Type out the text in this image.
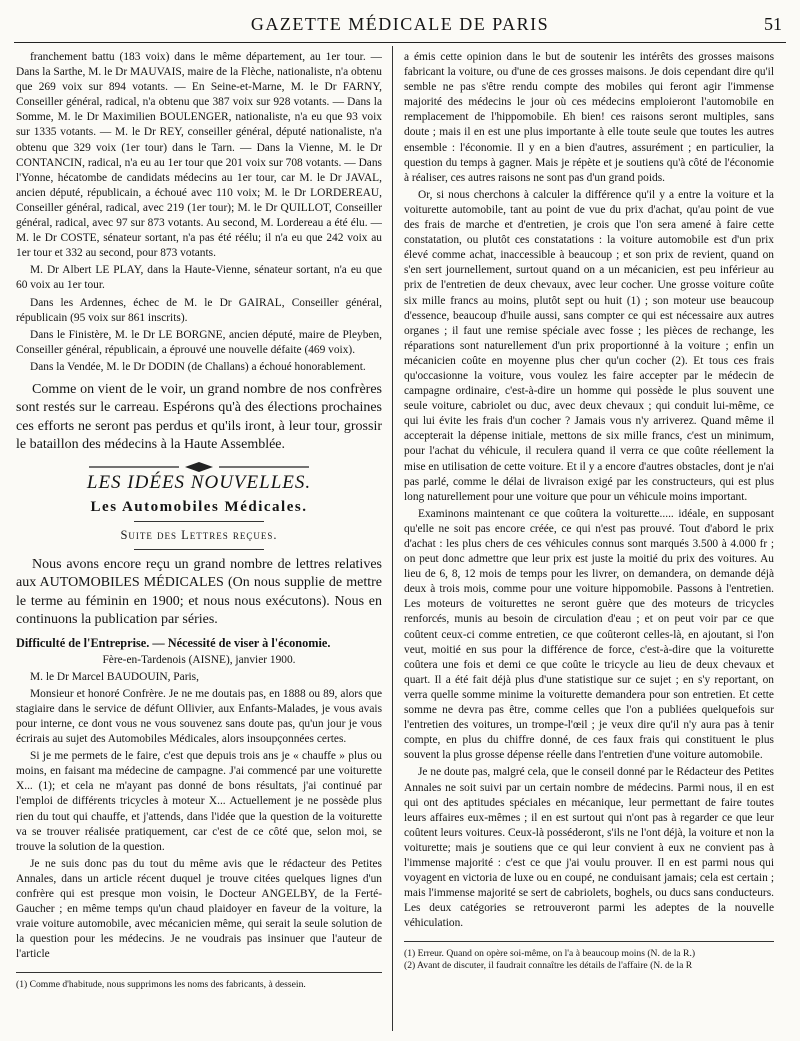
GAZETTE MÉDICALE DE PARIS	51

franchement battu (183 voix) dans le même département, au 1er tour. — Dans la Sarthe, M. le Dr MAUVAIS, maire de la Flèche, nationaliste, n'a obtenu que 269 voix sur 894 votants. — En Seine-et-Marne, M. le Dr FARNY, Conseiller général, radical, n'a obtenu que 387 voix sur 928 votants. — Dans la Somme, M. le Dr Maximilien BOULENGER, nationaliste, n'a eu que 93 voix sur 1335 votants. — M. le Dr REY, conseiller général, député nationaliste, n'a obtenu que 329 voix (1er tour) dans le Tarn. — Dans la Vienne, M. le Dr CONTANCIN, radical, n'a eu au 1er tour que 201 voix sur 708 votants. — Dans l'Yonne, hécatombe de candidats médecins au 1er tour, car M. le Dr JAVAL, ancien député, républicain, a échoué avec 110 voix; M. le Dr LORDEREAU, Conseiller général, radical, avec 219 (1er tour); M. le Dr QUILLOT, Conseiller général, radical, avec 97 sur 873 votants. Au second, M. Lordereau a été élu. — M. le Dr COSTE, sénateur sortant, n'a pas été réélu; il n'a eu que 242 voix au 1er tour et 332 au second, pour 873 votants.

M. Dr Albert LE PLAY, dans la Haute-Vienne, sénateur sortant, n'a eu que 60 voix au 1er tour.

Dans les Ardennes, échec de M. le Dr GAIRAL, Conseiller général, républicain (95 voix sur 861 inscrits).

Dans le Finistère, M. le Dr LE BORGNE, ancien député, maire de Pleyben, Conseiller général, républicain, a éprouvé une nouvelle défaite (469 voix).

Dans la Vendée, M. le Dr DODIN (de Challans) a échoué honorablement.

Comme on vient de le voir, un grand nombre de nos confrères sont restés sur le carreau. Espérons qu'à des élections prochaines ces efforts ne seront pas perdus et qu'ils iront, à leur tour, grossir le bataillon des médecins à la Haute Assemblée.

LES IDÉES NOUVELLES.
Les Automobiles Médicales.
Suite des Lettres reçues.

Nous avons encore reçu un grand nombre de lettres relatives aux AUTOMOBILES MÉDICALES (On nous supplie de mettre le terme au féminin en 1900; et nous nous exécutons). Nous en continuons la publication par séries.

Difficulté de l'Entreprise. — Nécessité de viser à l'économie.
Fère-en-Tardenois (AISNE), janvier 1900.

M. le Dr Marcel BAUDOUIN, Paris,

Monsieur et honoré Confrère. Je ne me doutais pas, en 1888 ou 89, alors que stagiaire dans le service de défunt Ollivier, aux Enfants-Malades, je vous avais pour interne, ce dont vous ne vous souvenez sans doute pas, qu'un jour je vous écrirais au sujet des Automobiles Médicales, alors insoupçonnées certes.

Si je me permets de le faire, c'est que depuis trois ans je « chauffe » plus ou moins, en faisant ma médecine de campagne. J'ai commencé par une voiturette X... (1); et cela ne m'ayant pas donné de bons résultats, j'ai continué par l'emploi de différents tricycles à moteur X... Actuellement je ne possède plus rien du tout qui chauffe, et j'attends, dans l'idée que la question de la voiturette va se trouver réalisée pratiquement, car c'est de ce côté que, selon moi, se trouve la solution de la question.

Je ne suis donc pas du tout du même avis que le rédacteur des Petites Annales, dans un article récent duquel je trouve citées quelques lignes d'un confrère qui est presque mon voisin, le Docteur ANGELBY, de la Ferté-Gaucher ; en même temps qu'un chaud plaidoyer en faveur de la voiture, la vraie voiture automobile, avec mécanicien même, qui serait la seule solution de la question pour les médecins. Je ne voudrais pas insinuer que l'auteur de l'article

(1) Comme d'habitude, nous supprimons les noms des fabricants, à dessein.

a émis cette opinion dans le but de soutenir les intérêts des grosses maisons fabricant la voiture, ou d'une de ces grosses maisons. Je dois cependant dire qu'il semble ne pas s'être rendu compte des mobiles qui feront agir l'immense majorité des médecins le jour où ces médecins emploieront l'automobile en remplacement de l'hippomobile. Eh bien! ces raisons seront multiples, sans doute ; mais il en est une plus importante à elle toute seule que toutes les autres ensemble : l'économie. Il y en a bien d'autres, assurément ; en particulier, la question du temps à gagner. Mais je répète et je soutiens qu'à côté de l'économie à réaliser, ces autres raisons ne sont pas d'un grand poids.

Or, si nous cherchons à calculer la différence qu'il y a entre la voiture et la voiturette automobile, tant au point de vue du prix d'achat, qu'au point de vue des frais de marche et d'entretien, je crois que l'on sera amené à faire cette constatation, ou plutôt ces constatations : la voiture automobile est d'un prix élevé comme achat, inaccessible à beaucoup ; et son prix de revient, quand on s'en sert journellement, surtout quand on a un mécanicien, est peu inférieur au prix de l'entretien de deux chevaux, avec leur cocher. Une grosse voiture coûte six mille francs au moins, plutôt sept ou huit (1) ; son moteur use beaucoup d'essence, beaucoup d'huile aussi, sans compter ce qui est nécessaire aux autres organes ; il faut une remise spéciale avec fosse ; les pièces de rechange, les réparations sont naturellement d'un prix proportionné à la voiture ; enfin un mécanicien coûte en moyenne plus cher qu'un cocher (2). Et tous ces frais qu'occasionne la voiture, vous voulez les faire accepter par le médecin de campagne ordinaire, c'est-à-dire un homme qui possède le plus souvent une seule voiture, cabriolet ou duc, avec deux chevaux ; qui conduit lui-même, ce qui lui évite les frais d'un cocher ? Jamais vous n'y arriverez. Quand même il accepterait la dépense initiale, mettons de six mille francs, c'est un minimum, pour l'achat du véhicule, il reculera quand il verra ce que coûte réellement la mise en utilisation de cette voiture. Et il y a encore d'autres obstacles, dont je n'ai pas parlé, comme le délai de livraison exigé par les constructeurs, qui est plus long naturellement pour une voiture que pour un véhicule moins important.

Examinons maintenant ce que coûtera la voiturette..... idéale, en supposant qu'elle ne soit pas encore créée, ce qui n'est pas prouvé. Tout d'abord le prix d'achat : les plus chers de ces véhicules connus sont marqués 3.500 à 4.000 fr ; on peut donc admettre que leur prix est juste la moitié du prix des voitures. Au lieu de 6, 8, 12 mois de temps pour les livrer, on demandera, on demande déjà deux à trois mois, comme pour une voiture hippomobile. Passons à l'entretien. Les moteurs de voiturettes ne seront guère que des moteurs de tricycles renforcés, munis au besoin de circulation d'eau ; et on peut voir par ce que coûtent ceux-ci comme entretien, ce que coûteront celles-là, en ajoutant, si l'on veut, moitié en sus pour la différence de force, c'est-à-dire que la voiturette coûtera une fois et demi ce que coûte le tricycle au lieu de deux chevaux et quart. Il a été fait déjà plus d'une statistique sur ce sujet ; en s'y reportant, on verra quelle somme minime la voiturette demandera pour son entretien. Et cette somme ne devra pas être, comme celles que l'on a publiées quelquefois sur l'entretien des voitures, un trompe-l'œil ; je veux dire qu'il n'y aura pas à tenir compte, en plus du chiffre donné, de ces faux frais qui constituent le plus souvent la plus grosse dépense réelle dans l'entretien d'une voiture automobile.

Je ne doute pas, malgré cela, que le conseil donné par le Rédacteur des Petites Annales ne soit suivi par un certain nombre de médecins. Parmi nous, il en est qui ont des aptitudes spéciales en mécanique, leur permettant de faire toutes leurs affaires eux-mêmes ; il en est surtout qui n'ont pas à regarder ce que leur coûtent leurs voitures. Ceux-là posséderont, s'ils ne l'ont déjà, la voiture et non la voiturette; mais je soutiens que ce qui leur convient à eux ne convient pas à l'immense majorité : c'est ce que j'ai voulu prouver. Il en est parmi nous qui voyagent en victoria de luxe ou en coupé, ne conduisant jamais; cela est certain ; mais l'immense majorité se sert de cabriolets, boghels, ou ducs sans conducteurs. Les deux catégories se retrouveront parmi les adeptes de la nouvelle véhiculation.

(1) Erreur. Quand on opère soi-même, on l'a à beaucoup moins (N. de la R.)
(2) Avant de discuter, il faudrait connaître les détails de l'affaire (N. de la R
